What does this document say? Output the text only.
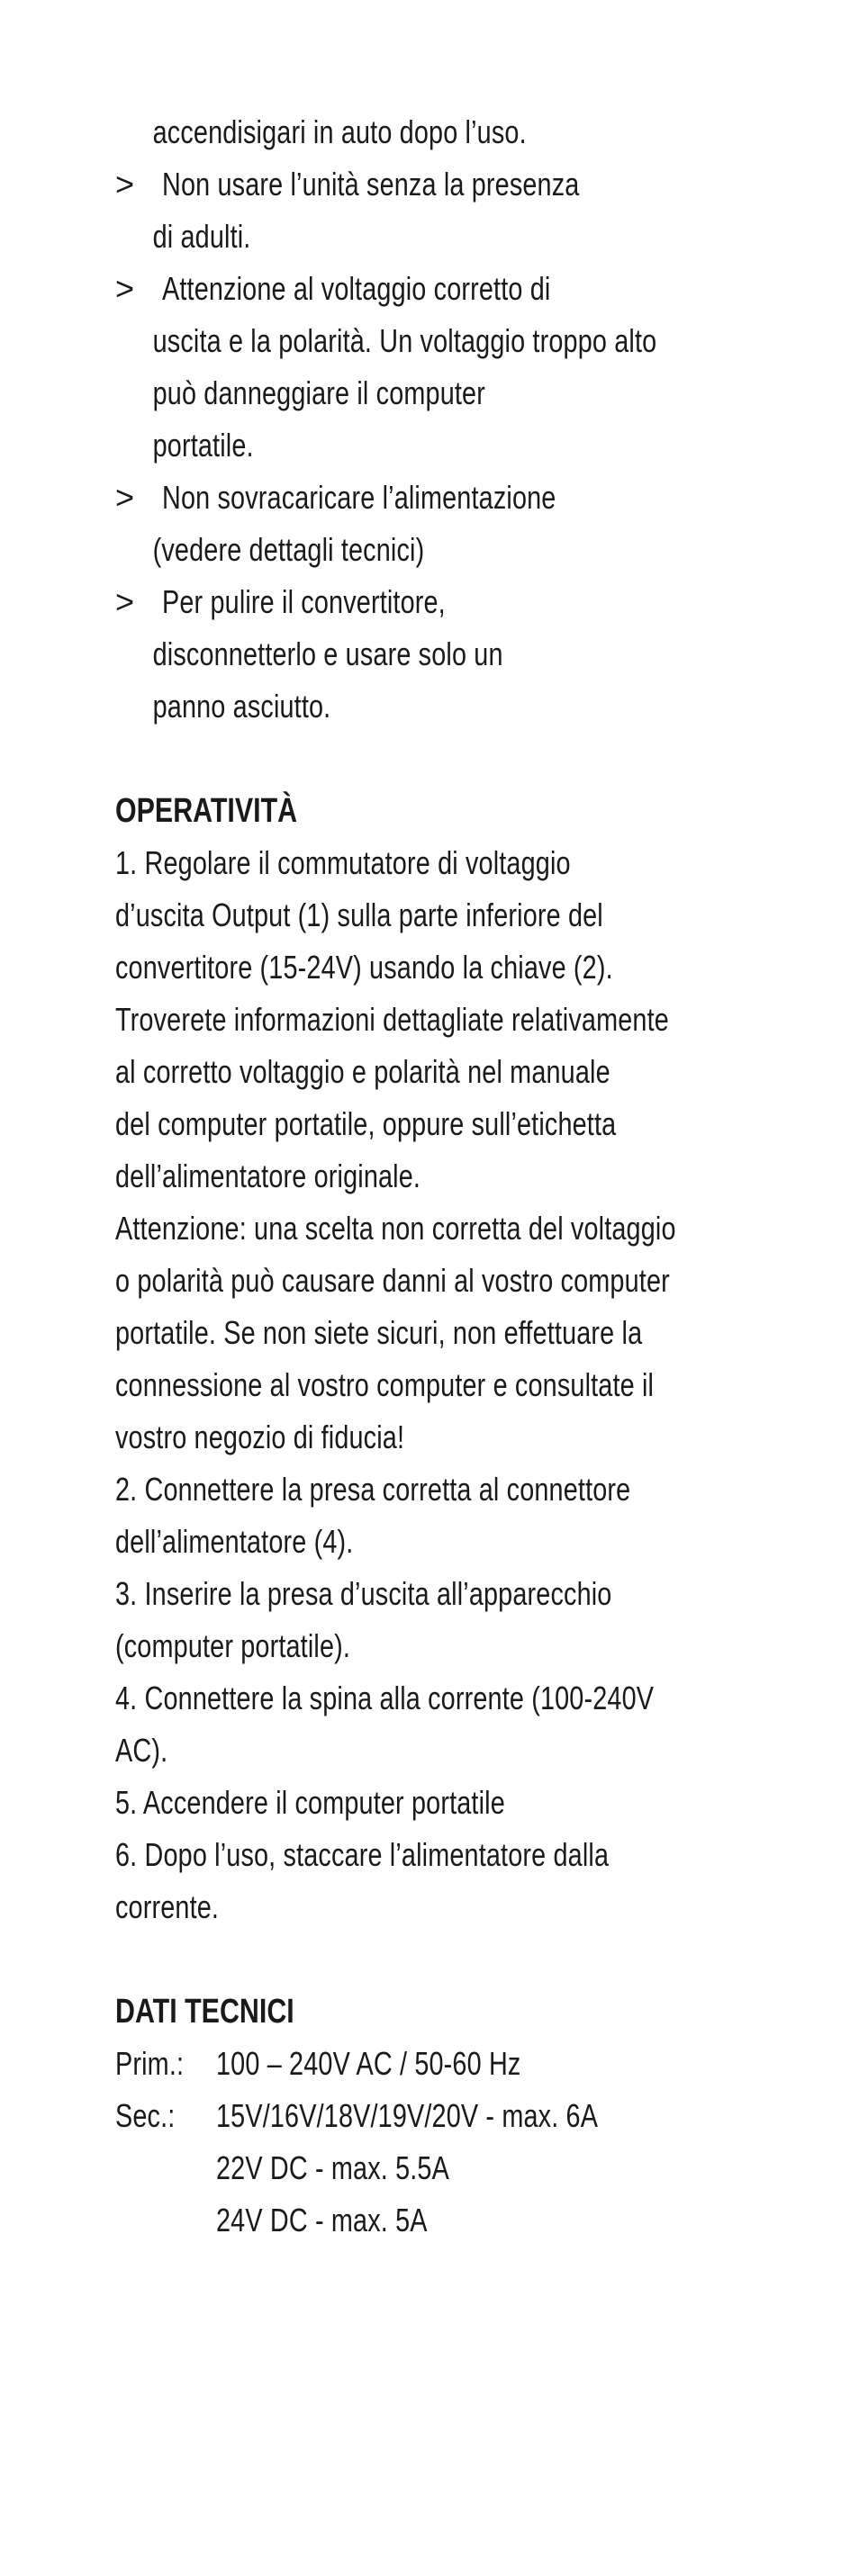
accendisigari in auto dopo l’uso.
> Non usare l’unità senza la presenza
di adulti.
> Attenzione al voltaggio corretto di
uscita e la polarità. Un voltaggio troppo alto
può danneggiare il computer
portatile.
> Non sovracaricare l’alimentazione
(vedere dettagli tecnici)
> Per pulire il convertitore,
disconnetterlo e usare solo un
panno asciutto.
OPERATIVITÀ
1. Regolare il commutatore di voltaggio
d’uscita Output (1) sulla parte inferiore del
convertitore (15-24V) usando la chiave (2).
Troverete informazioni dettagliate relativamente
al corretto voltaggio e polarità nel manuale
del computer portatile, oppure sull’etichetta
dell’alimentatore originale.
Attenzione: una scelta non corretta del voltaggio
o polarità può causare danni al vostro computer
portatile. Se non siete sicuri, non effettuare la
connessione al vostro computer e consultate il
vostro negozio di fiducia!
2. Connettere la presa corretta al connettore
dell’alimentatore (4).
3. Inserire la presa d’uscita all’apparecchio
(computer portatile).
4. Connettere la spina alla corrente (100-240V
AC).
5. Accendere il computer portatile
6. Dopo l’uso, staccare l’alimentatore dalla
corrente.
DATI TECNICI
Prim.: 100 – 240V AC / 50-60 Hz
Sec.: 15V/16V/18V/19V/20V - max. 6A
22V DC - max. 5.5A
24V DC - max. 5A
